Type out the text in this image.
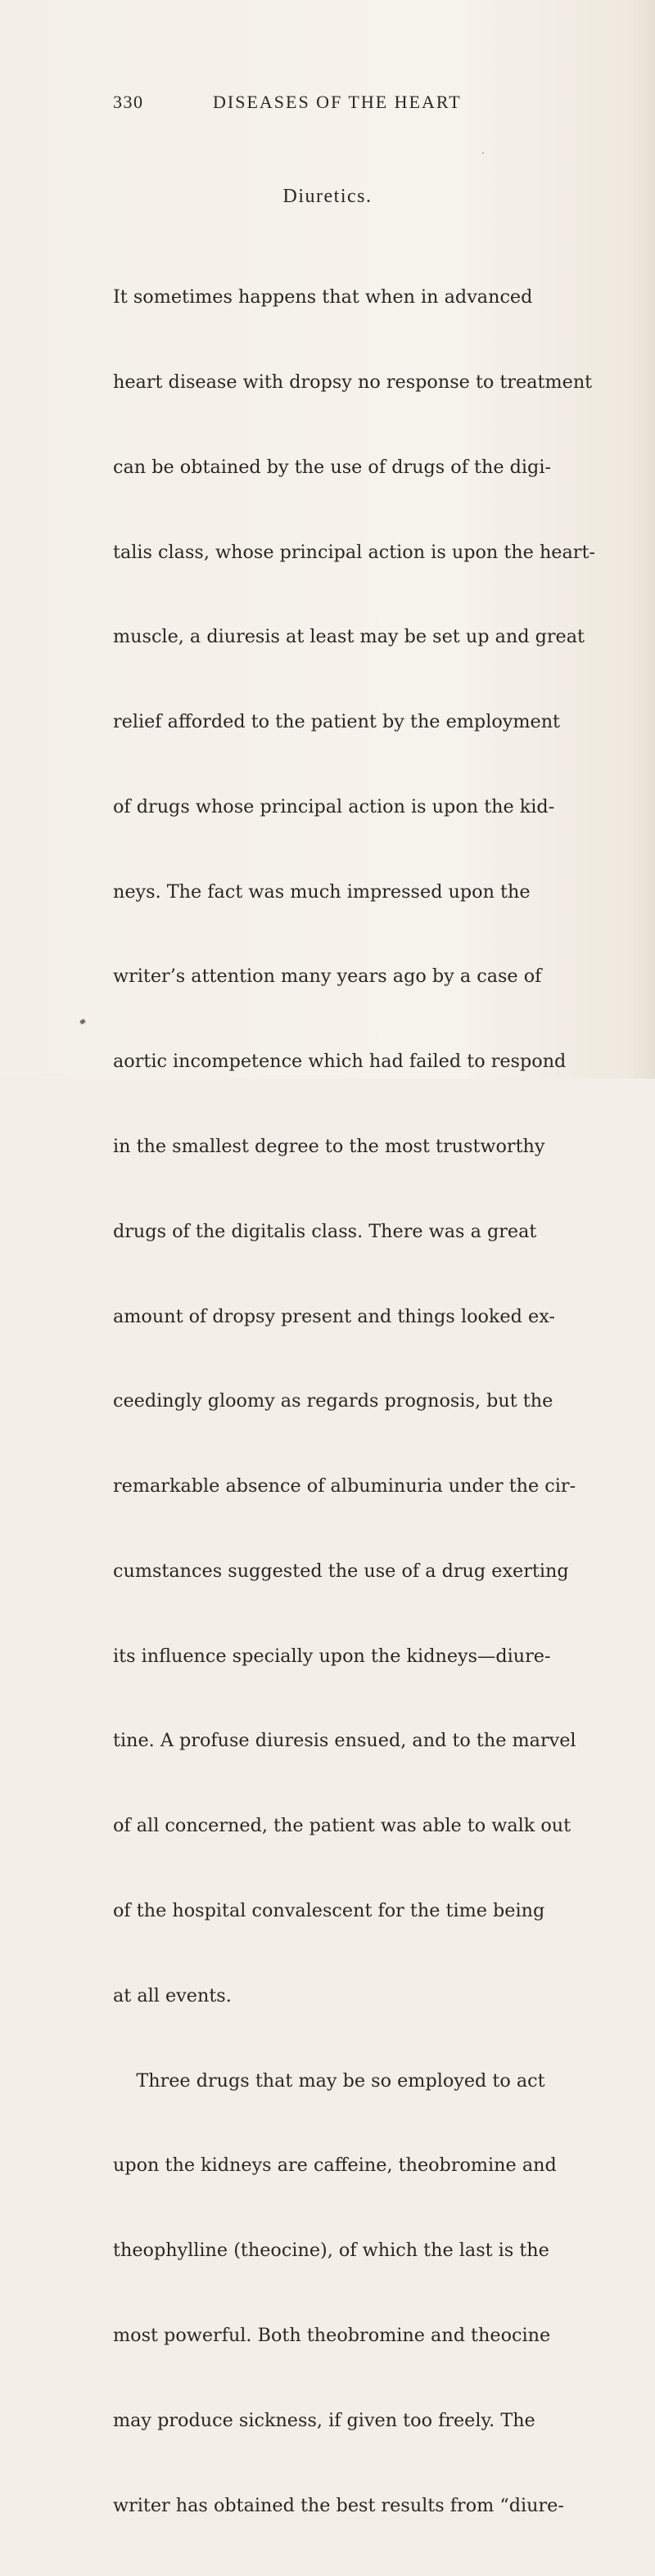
330	DISEASES OF THE HEART
Diuretics.

It sometimes happens that when in advanced

heart disease with dropsy no response to treatment

can be obtained by the use of drugs of the digi-

talis class, whose principal action is upon the heart-

muscle, a diuresis at least may be set up and great

relief afforded to the patient by the employment

of drugs whose principal action is upon the kid-

neys. The fact was much impressed upon the

writer’s attention many years ago by a case of

aortic incompetence which had failed to respond

in the smallest degree to the most trustworthy

drugs of the digitalis class. There was a great

amount of dropsy present and things looked ex-

ceedingly gloomy as regards prognosis, but the

remarkable absence of albuminuria under the cir-

cumstances suggested the use of a drug exerting

its influence specially upon the kidneys—diure-

tine. A profuse diuresis ensued, and to the marvel

of all concerned, the patient was able to walk out

of the hospital convalescent for the time being

at all events.

Three drugs that may be so employed to act

upon the kidneys are caffeine, theobromine and

theophylline (theocine), of which the last is the

most powerful. Both theobromine and theocine

may produce sickness, if given too freely. The

writer has obtained the best results from “diure-
